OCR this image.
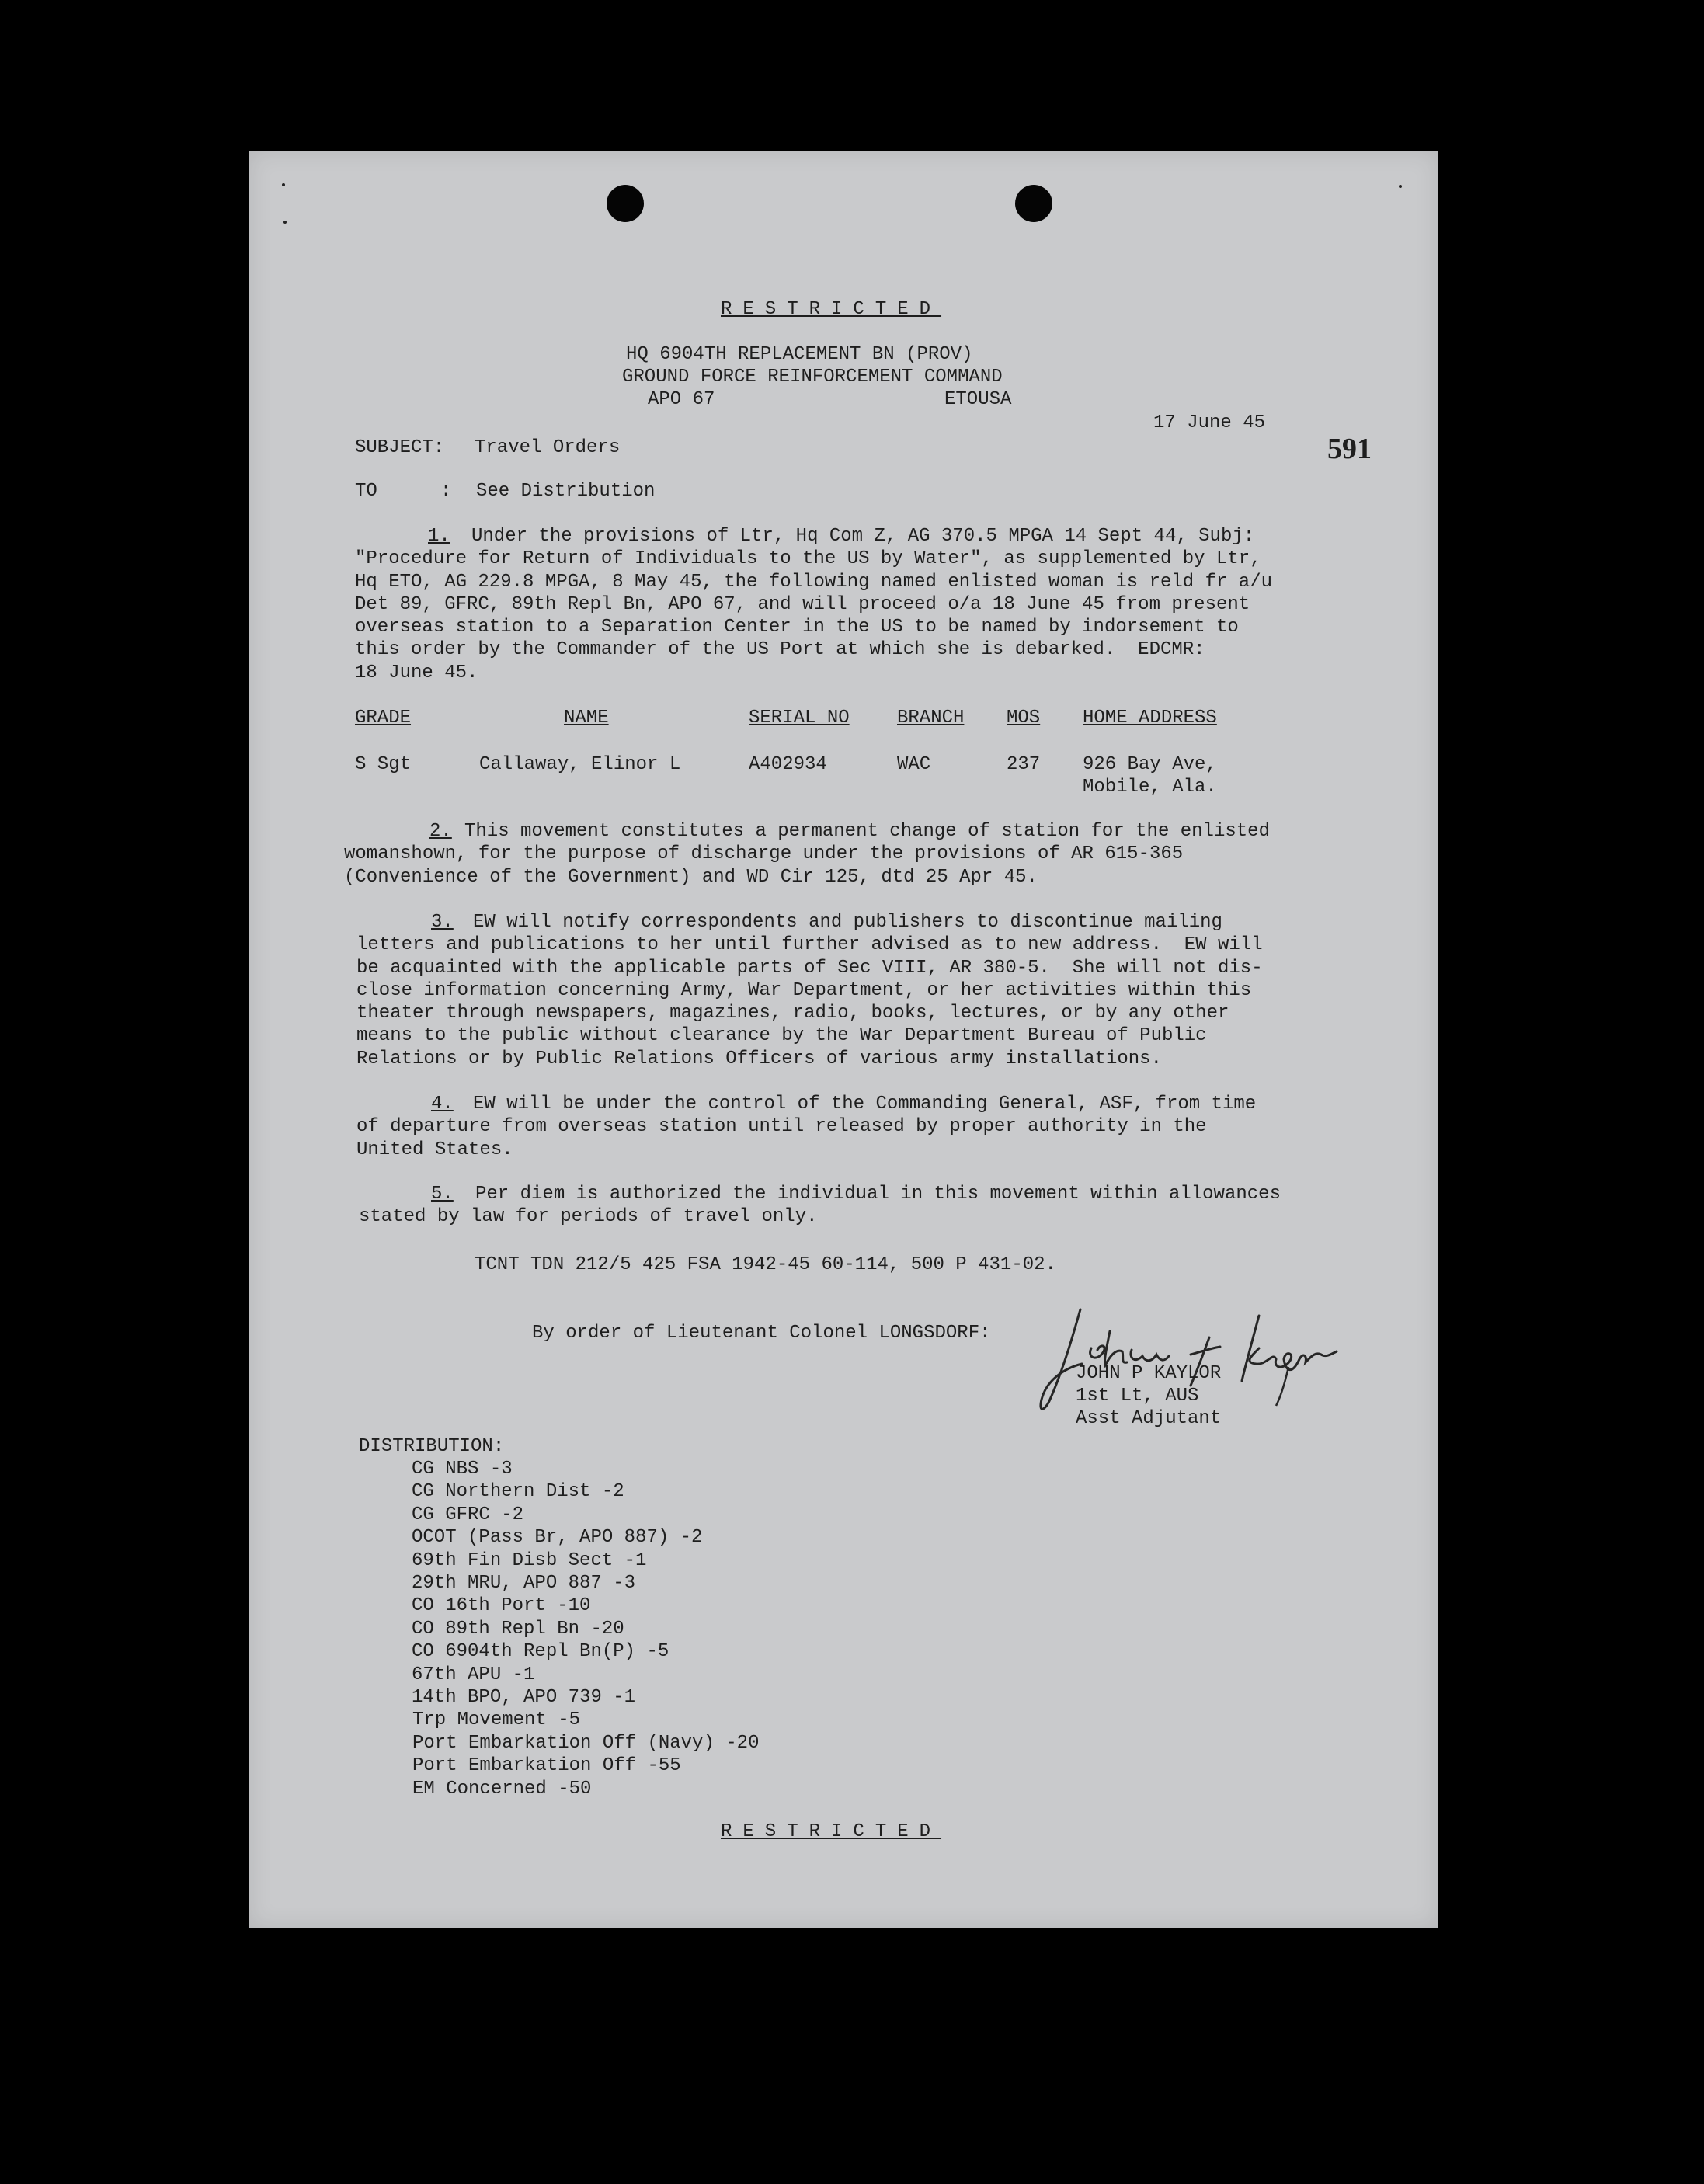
RESTRICTED
HQ 6904TH REPLACEMENT BN (PROV)
GROUND FORCE REINFORCEMENT COMMAND
APO 67	ETOUSA
17 June 45
591
SUBJECT: Travel Orders
TO	: See Distribution
1.	Under the provisions of Ltr, Hq Com Z, AG 370.5 MPGA 14 Sept 44, Subj:
"Procedure for Return of Individuals to the US by Water", as supplemented by Ltr,
Hq ETO, AG 229.8 MPGA, 8 May 45, the following named enlisted woman is reld fr a/u
Det 89, GFRC, 89th Repl Bn, APO 67, and will proceed o/a 18 June 45 from present
overseas station to a Separation Center in the US to be named by indorsement to
this order by the Commander of the US Port at which she is debarked.  EDCMR:
18 June 45.
GRADE	NAME	SERIAL NO	BRANCH MOS HOME ADDRESS
S Sgt	Callaway, Elinor L	A402934	WAC	237 926 Bay Ave,
Mobile, Ala.
2. This movement constitutes a permanent change of station for the enlisted
womanshown, for the purpose of discharge under the provisions of AR 615-365
(Convenience of the Government) and WD Cir 125, dtd 25 Apr 45.
3.	EW will notify correspondents and publishers to discontinue mailing
letters and publications to her until further advised as to new address.  EW will
be acquainted with the applicable parts of Sec VIII, AR 380-5.  She will not dis-
close information concerning Army, War Department, or her activities within this
theater through newspapers, magazines, radio, books, lectures, or by any other
means to the public without clearance by the War Department Bureau of Public
Relations or by Public Relations Officers of various army installations.
4.	EW will be under the control of the Commanding General, ASF, from time
of departure from overseas station until released by proper authority in the
United States.
5.	Per diem is authorized the individual in this movement within allowances
stated by law for periods of travel only.
TCNT TDN 212/5 425 FSA 1942-45 60-114, 500 P 431-02.
By order of Lieutenant Colonel LONGSDORF:
JOHN P KAYLOR
1st Lt, AUS
Asst Adjutant
DISTRIBUTION:
CG NBS -3
CG Northern Dist -2
CG GFRC -2
OCOT (Pass Br, APO 887) -2
69th Fin Disb Sect -1
29th MRU, APO 887 -3
CO 16th Port -10
CO 89th Repl Bn -20
CO 6904th Repl Bn(P) -5
67th APU -1
14th BPO, APO 739 -1
Trp Movement -5
Port Embarkation Off (Navy) -20
Port Embarkation Off -55
EM Concerned -50
RESTRICTED
